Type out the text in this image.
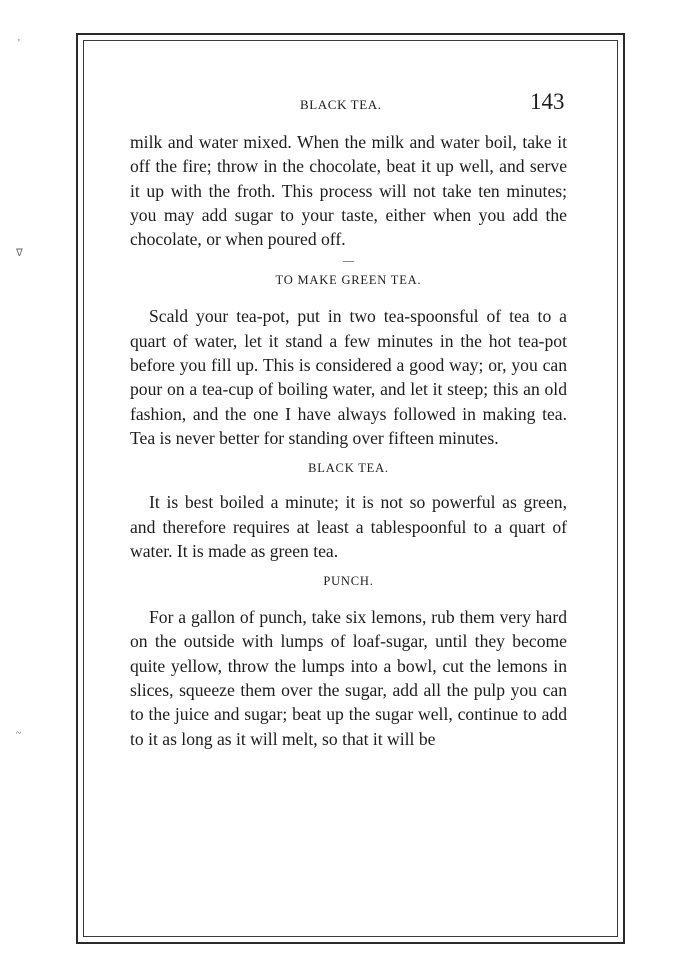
'
ᐁ
~
BLACK TEA.	143

milk and water mixed. When the milk and water boil, take it off the fire; throw in the chocolate, beat it up well, and serve it up with the froth. This process will not take ten minutes; you may add sugar to your taste, either when you add the chocolate, or when poured off.

—
TO MAKE GREEN TEA.

Scald your tea-pot, put in two tea-spoonsful of tea to a quart of water, let it stand a few minutes in the hot tea-pot before you fill up. This is considered a good way; or, you can pour on a tea-cup of boiling water, and let it steep; this an old fashion, and the one I have always followed in making tea. Tea is never better for standing over fifteen minutes.

BLACK TEA.

It is best boiled a minute; it is not so powerful as green, and therefore requires at least a tablespoonful to a quart of water. It is made as green tea.

PUNCH.

For a gallon of punch, take six lemons, rub them very hard on the outside with lumps of loaf-sugar, until they become quite yellow, throw the lumps into a bowl, cut the lemons in slices, squeeze them over the sugar, add all the pulp you can to the juice and sugar; beat up the sugar well, continue to add to it as long as it will melt, so that it will be
